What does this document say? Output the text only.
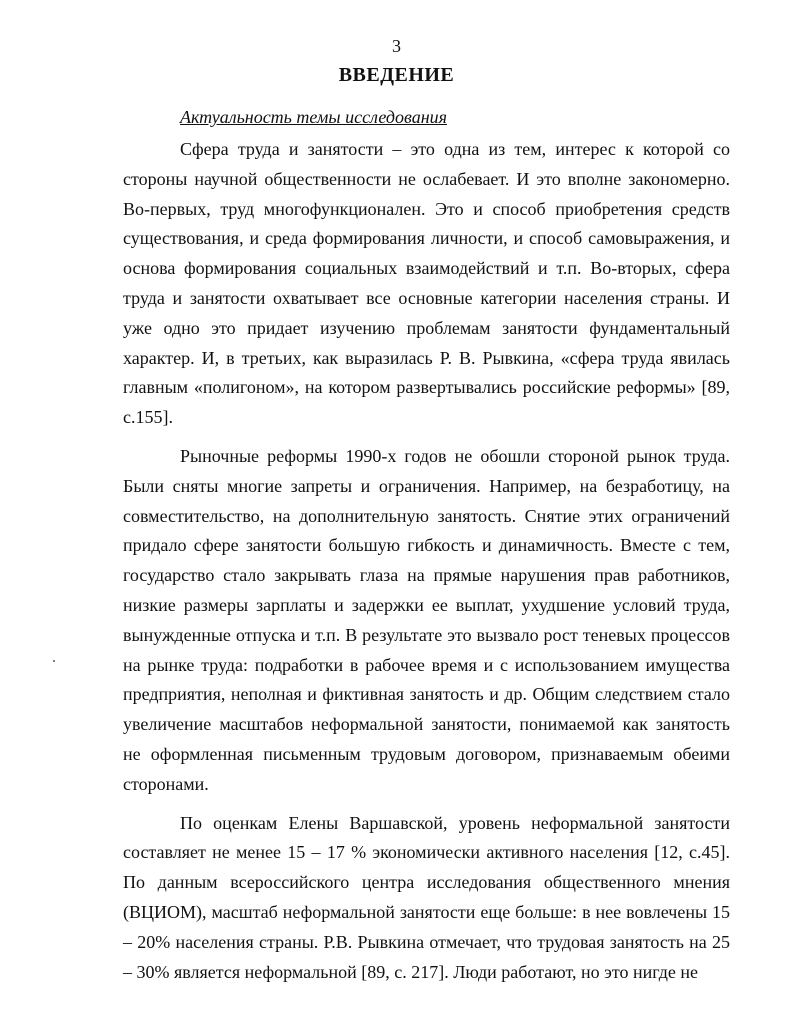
3
ВВЕДЕНИЕ
Актуальность темы исследования

Сфера труда и занятости – это одна из тем, интерес к которой со стороны научной общественности не ослабевает. И это вполне закономерно. Во-первых, труд многофункционален. Это и способ приобретения средств существования, и среда формирования личности, и способ самовыражения, и основа формирования социальных взаимодействий и т.п. Во-вторых, сфера труда и занятости охватывает все основные категории населения страны. И уже одно это придает изучению проблемам занятости фундаментальный характер. И, в третьих, как выразилась Р. В. Рывкина, «сфера труда явилась главным «полигоном», на котором развертывались российские реформы» [89, с.155].

Рыночные реформы 1990-х годов не обошли стороной рынок труда. Были сняты многие запреты и ограничения. Например, на безработицу, на совместительство, на дополнительную занятость. Снятие этих ограничений придало сфере занятости большую гибкость и динамичность. Вместе с тем, государство стало закрывать глаза на прямые нарушения прав работников, низкие размеры зарплаты и задержки ее выплат, ухудшение условий труда, вынужденные отпуска и т.п. В результате это вызвало рост теневых процессов на рынке труда: подработки в рабочее время и с использованием имущества предприятия, неполная и фиктивная занятость и др. Общим следствием стало увеличение масштабов неформальной занятости, понимаемой как занятость не оформленная письменным трудовым договором, признаваемым обеими сторонами.

По оценкам Елены Варшавской, уровень неформальной занятости составляет не менее 15 – 17 % экономически активного населения [12, с.45]. По данным всероссийского центра исследования общественного мнения (ВЦИОМ), масштаб неформальной занятости еще больше: в нее вовлечены 15 – 20% населения страны. Р.В. Рывкина отмечает, что трудовая занятость на 25 – 30% является неформальной [89, с. 217]. Люди работают, но это нигде не
